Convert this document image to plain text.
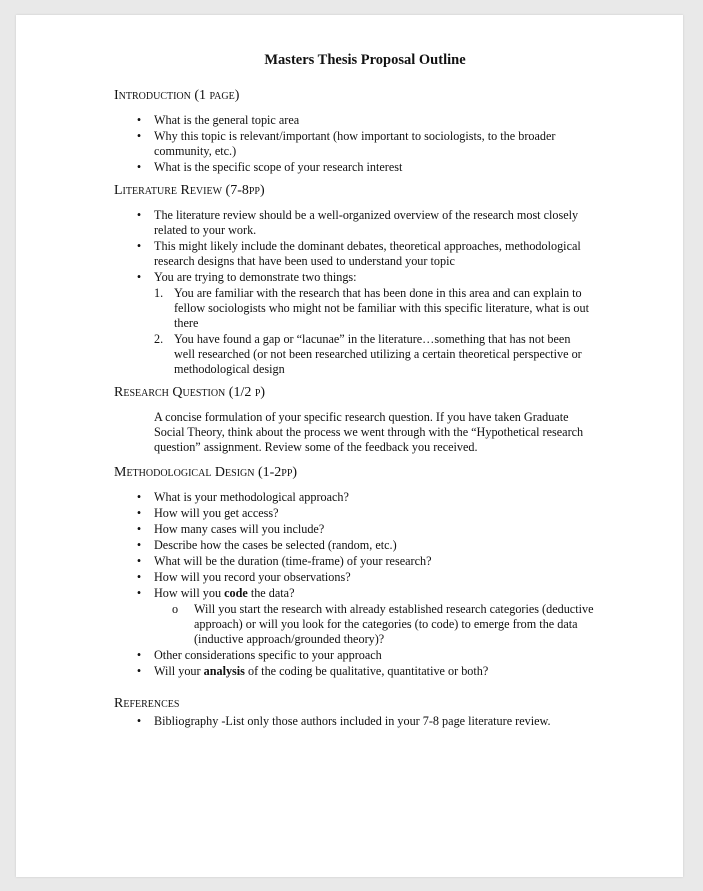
Masters Thesis Proposal Outline
Introduction (1 page)
• What is the general topic area
• Why this topic is relevant/important (how important to sociologists, to the broader community, etc.)
• What is the specific scope of your research interest
Literature Review (7-8pp)
• The literature review should be a well-organized overview of the research most closely related to your work.
• This might likely include the dominant debates, theoretical approaches, methodological research designs that have been used to understand your topic
• You are trying to demonstrate two things:
1. You are familiar with the research that has been done in this area and can explain to fellow sociologists who might not be familiar with this specific literature, what is out there
2. You have found a gap or “lacunae” in the literature…something that has not been well researched (or not been researched utilizing a certain theoretical perspective or methodological design
Research Question (1/2 p)
A concise formulation of your specific research question. If you have taken Graduate Social Theory, think about the process we went through with the “Hypothetical research question” assignment. Review some of the feedback you received.
Methodological Design (1-2pp)
• What is your methodological approach?
• How will you get access?
• How many cases will you include?
• Describe how the cases be selected (random, etc.)
• What will be the duration (time-frame) of your research?
• How will you record your observations?
• How will you code the data?
o Will you start the research with already established research categories (deductive approach) or will you look for the categories (to code) to emerge from the data (inductive approach/grounded theory)?
• Other considerations specific to your approach
• Will your analysis of the coding be qualitative, quantitative or both?
References
• Bibliography -List only those authors included in your 7-8 page literature review.
